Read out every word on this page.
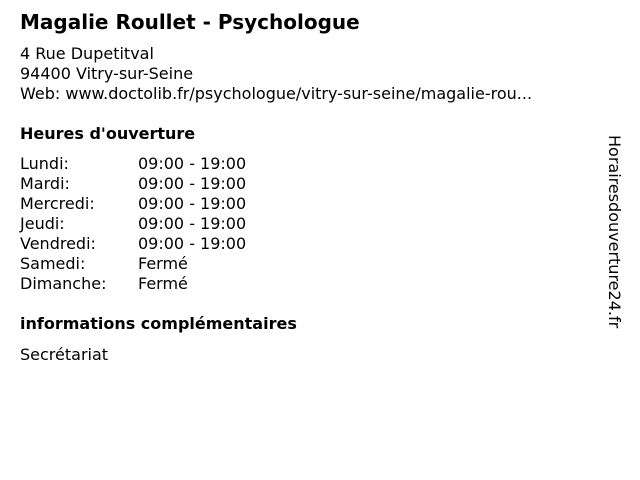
Magalie Roullet - Psychologue
4 Rue Dupetitval
94400 Vitry-sur-Seine
Web: www.doctolib.fr/psychologue/vitry-sur-seine/magalie-rou...
Heures d'ouverture
Lundi:	09:00 - 19:00
Mardi:	09:00 - 19:00
Mercredi:	09:00 - 19:00
Jeudi:	09:00 - 19:00
Vendredi:	09:00 - 19:00
Samedi:	Fermé
Dimanche:	Fermé
informations complémentaires
Secrétariat
Horairesdouverture24.fr
